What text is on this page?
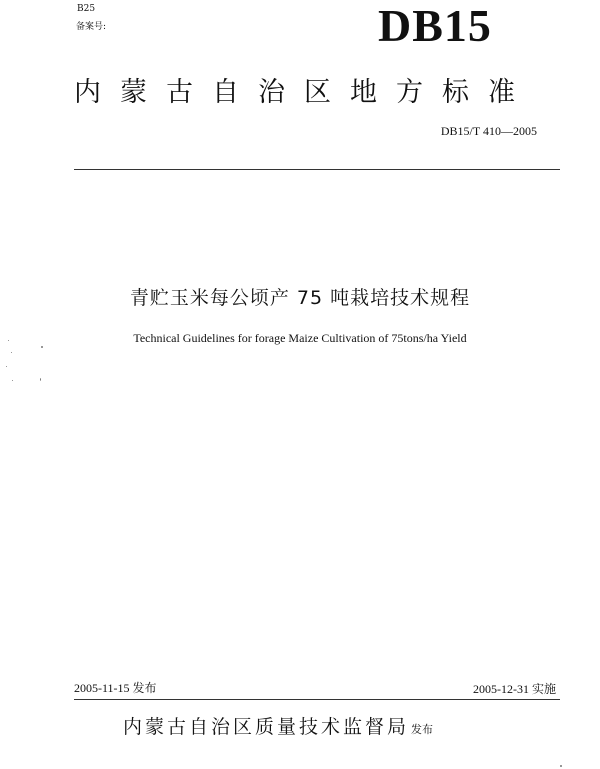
B25
备案号:	DB15
内蒙古自治区地方标准
DB15/T 410—2005
青贮玉米每公顷产 75 吨栽培技术规程
Technical Guidelines for forage Maize Cultivation of 75tons/ha Yield
2005-11-15 发布	2005-12-31 实施
内蒙古自治区质量技术监督局 发布
